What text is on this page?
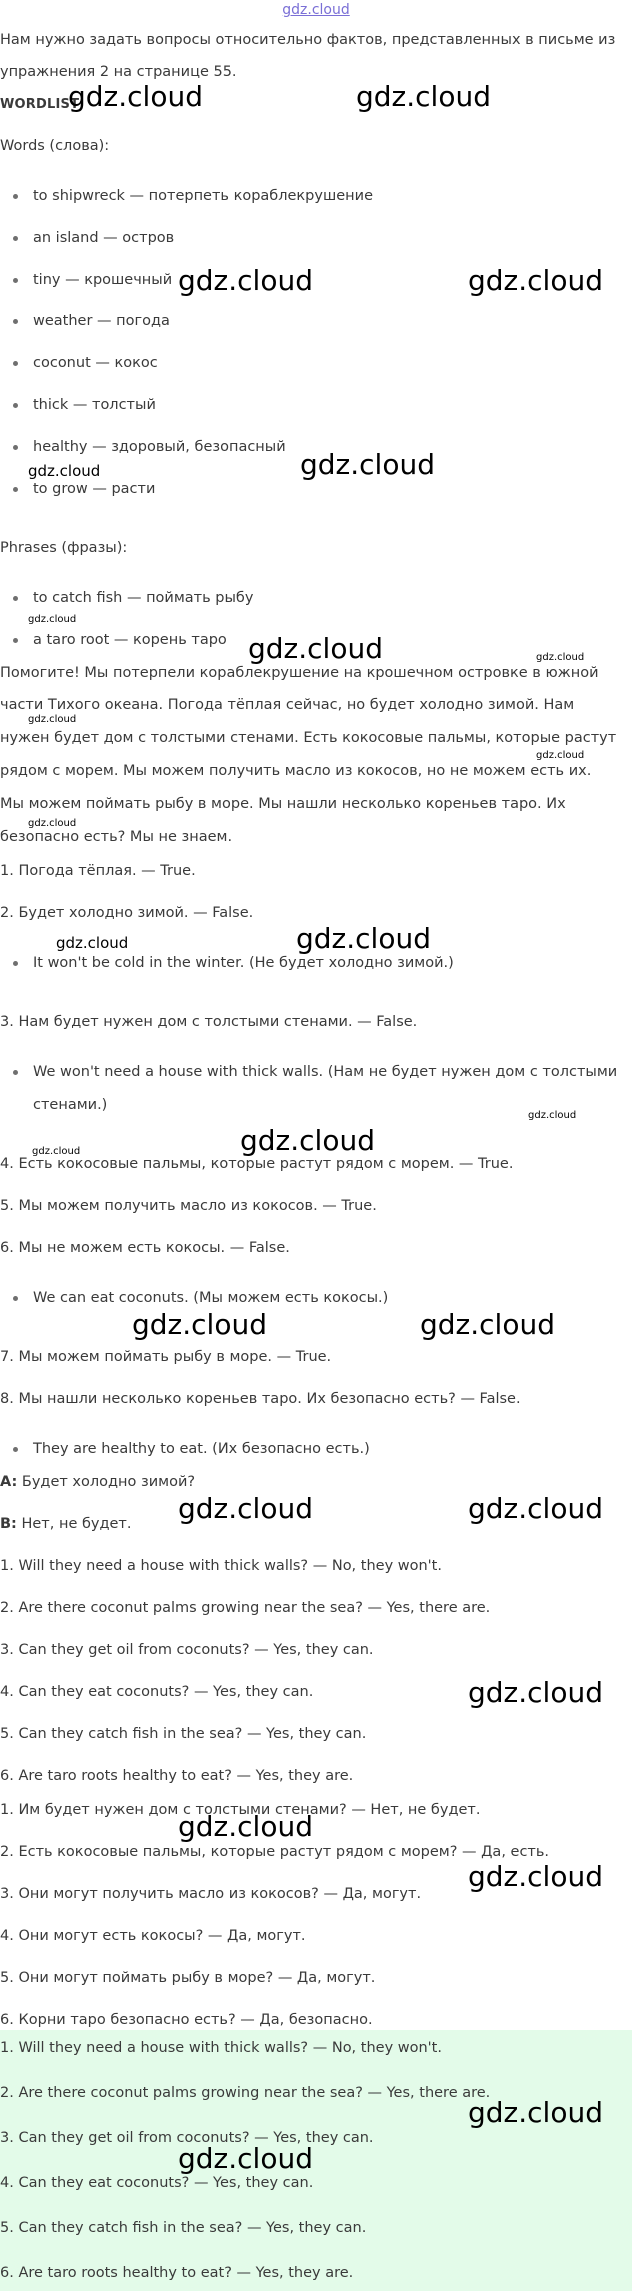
gdz.cloud
Нам нужно задать вопросы относительно фактов, представленных в письме из
упражнения 2 на странице 55.
WORDLIST
Words (слова):
to shipwreck — потерпеть кораблекрушение
an island — остров
tiny — крошечный
weather — погода
coconut — кокос
thick — толстый
healthy — здоровый, безопасный
to grow — расти
Phrases (фразы):
to catch fish — поймать рыбу
a taro root — корень таро
Помогите! Мы потерпели кораблекрушение на крошечном островке в южной
части Тихого океана. Погода тёплая сейчас, но будет холодно зимой. Нам
нужен будет дом с толстыми стенами. Есть кокосовые пальмы, которые растут
рядом с морем. Мы можем получить масло из кокосов, но не можем есть их.
Мы можем поймать рыбу в море. Мы нашли несколько кореньев таро. Их
безопасно есть? Мы не знаем.
1. Погода тёплая. — True.
2. Будет холодно зимой. — False.
It won't be cold in the winter. (Не будет холодно зимой.)
3. Нам будет нужен дом с толстыми стенами. — False.
We won't need a house with thick walls. (Нам не будет нужен дом с толстыми
стенами.)
4. Есть кокосовые пальмы, которые растут рядом с морем. — True.
5. Мы можем получить масло из кокосов. — True.
6. Мы не можем есть кокосы. — False.
We can eat coconuts. (Мы можем есть кокосы.)
7. Мы можем поймать рыбу в море. — True.
8. Мы нашли несколько кореньев таро. Их безопасно есть? — False.
They are healthy to eat. (Их безопасно есть.)
A: Будет холодно зимой?
B: Нет, не будет.
1. Will they need a house with thick walls? — No, they won't.
2. Are there coconut palms growing near the sea? — Yes, there are.
3. Can they get oil from coconuts? — Yes, they can.
4. Can they eat coconuts? — Yes, they can.
5. Can they catch fish in the sea? — Yes, they can.
6. Are taro roots healthy to eat? — Yes, they are.
1. Им будет нужен дом с толстыми стенами? — Нет, не будет.
2. Есть кокосовые пальмы, которые растут рядом с морем? — Да, есть.
3. Они могут получить масло из кокосов? — Да, могут.
4. Они могут есть кокосы? — Да, могут.
5. Они могут поймать рыбу в море? — Да, могут.
6. Корни таро безопасно есть? — Да, безопасно.
1. Will they need a house with thick walls? — No, they won't.
2. Are there coconut palms growing near the sea? — Yes, there are.
3. Can they get oil from coconuts? — Yes, they can.
4. Can they eat coconuts? — Yes, they can.
5. Can they catch fish in the sea? — Yes, they can.
6. Are taro roots healthy to eat? — Yes, they are.
gdz.cloud	gdz.cloud
gdz.cloud	gdz.cloud
gdz.cloud	gdz.cloud
gdz.cloud
gdz.cloud	gdz.cloud
gdz.cloud
gdz.cloud
gdz.cloud
gdz.cloud	gdz.cloud
gdz.cloud
gdz.cloud
gdz.cloud
gdz.cloud	gdz.cloud
gdz.cloud	gdz.cloud
gdz.cloud
gdz.cloud
gdz.cloud
gdz.cloud
gdz.cloud
